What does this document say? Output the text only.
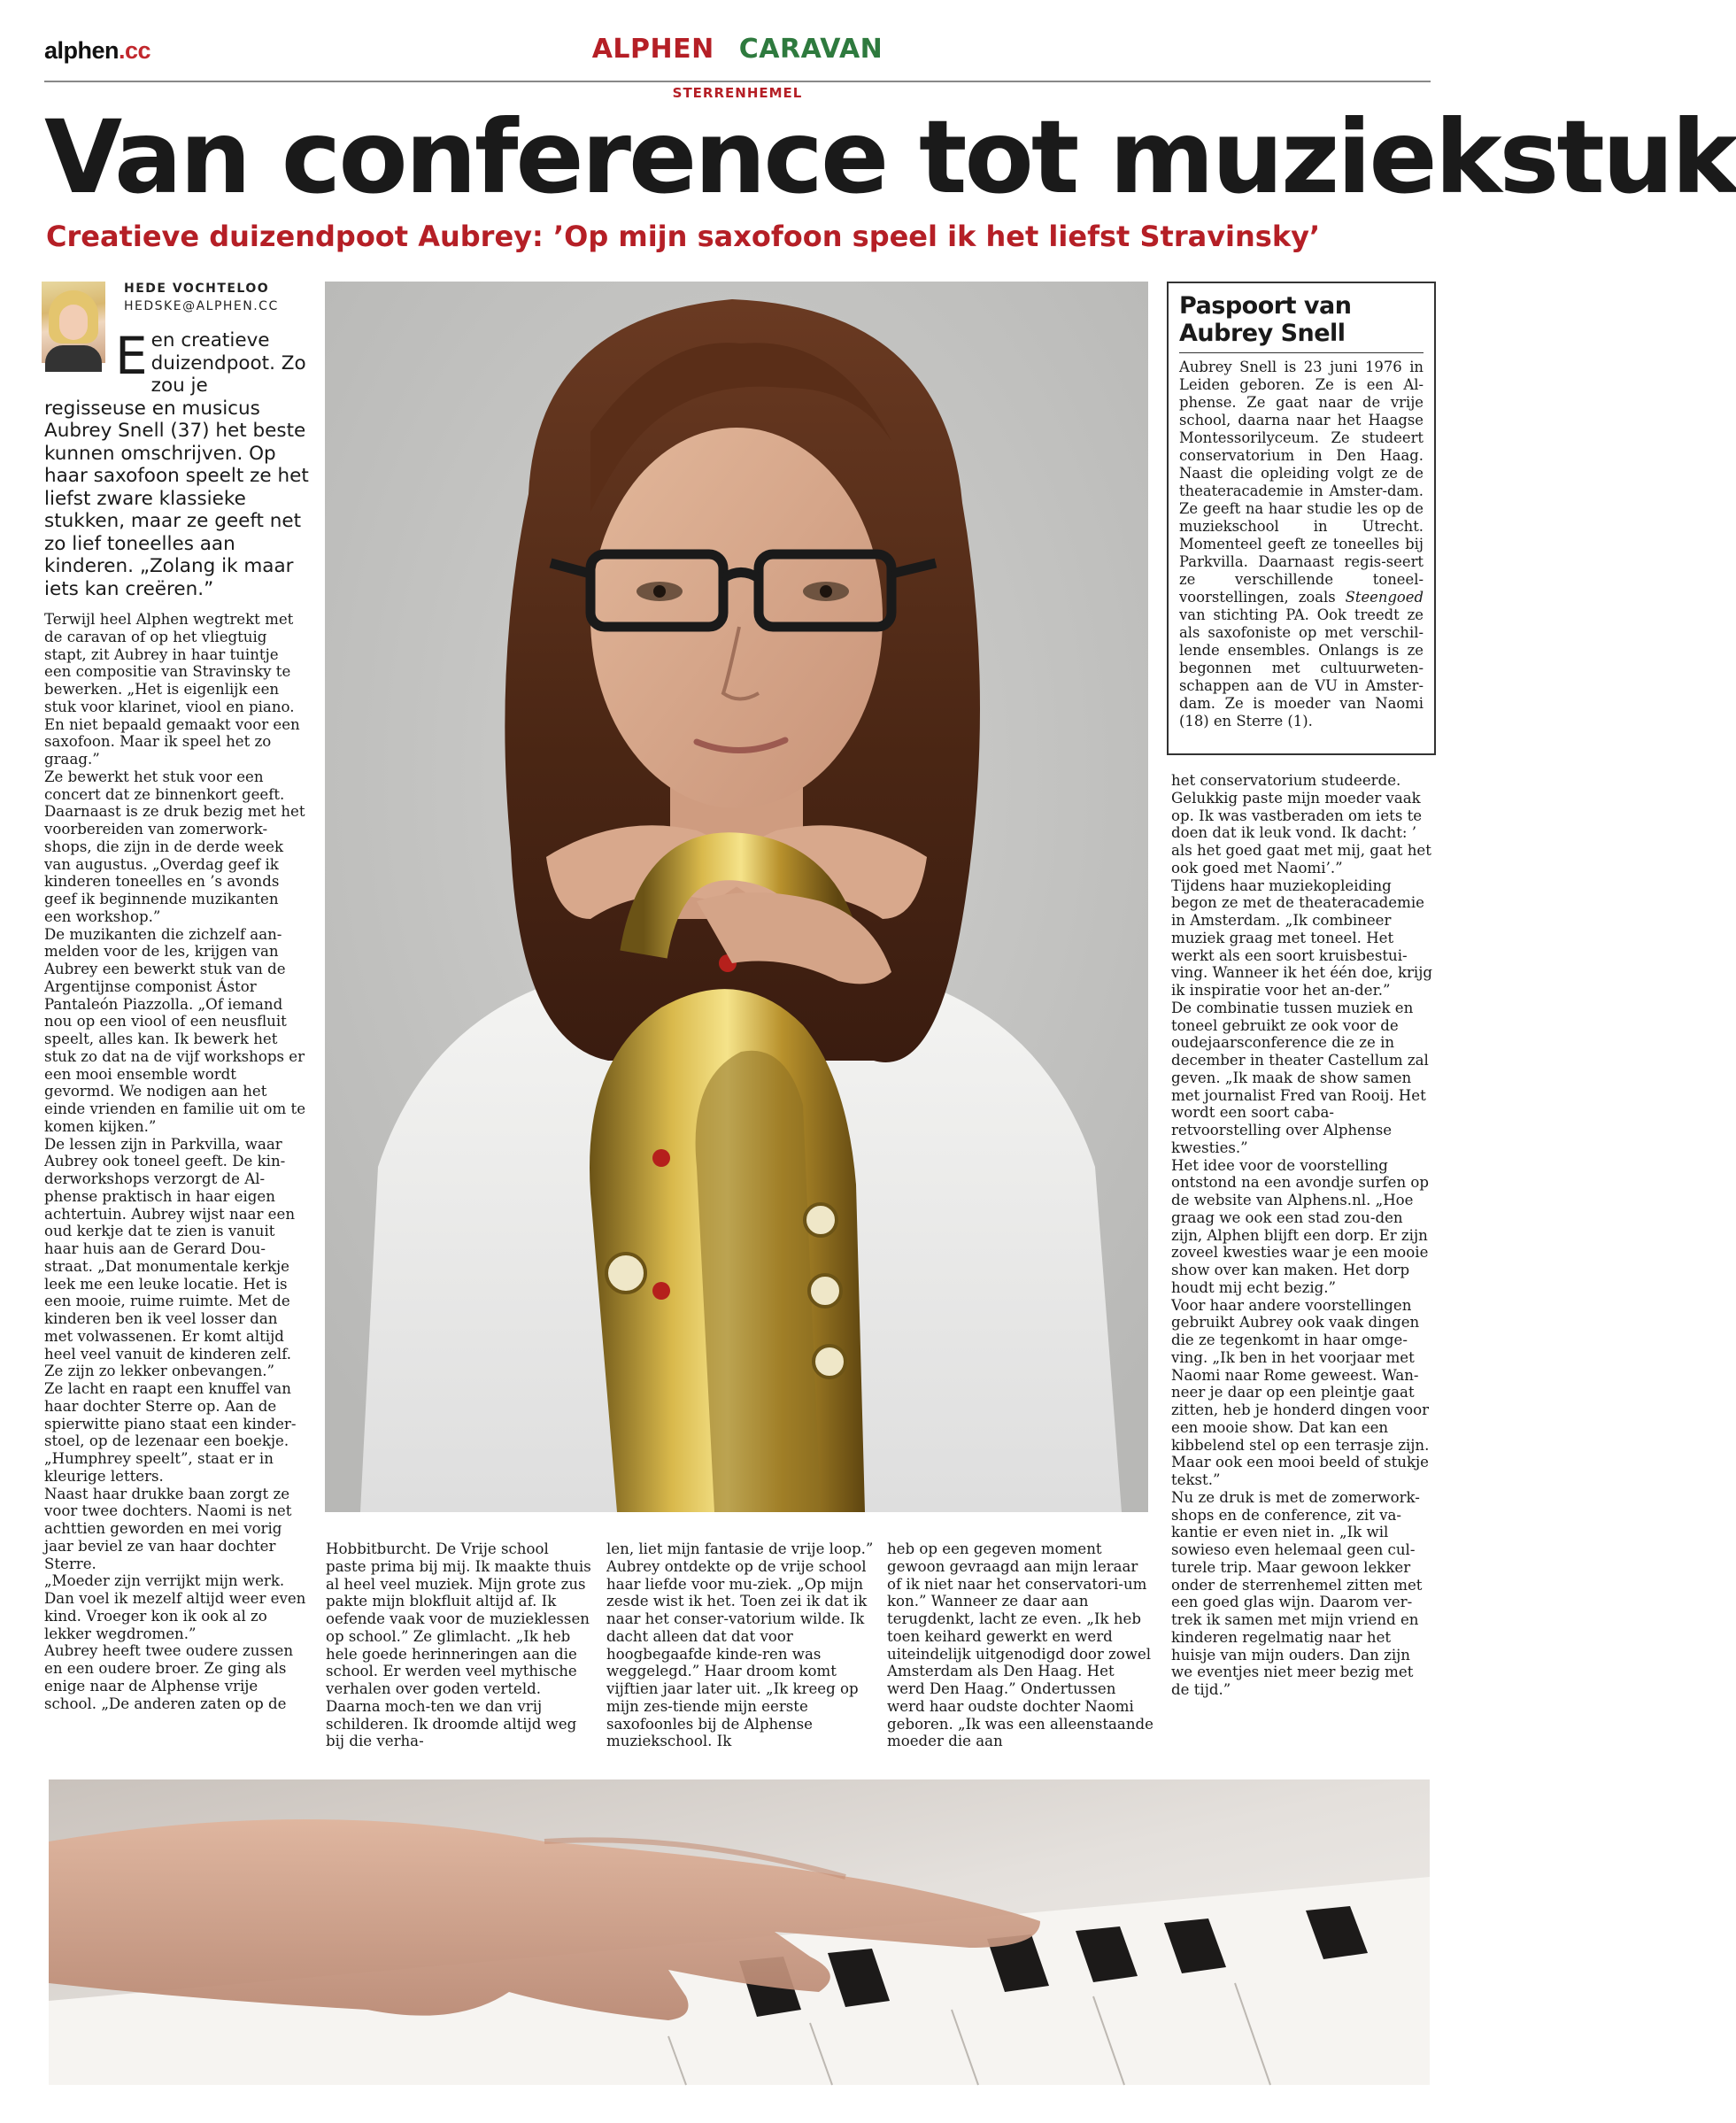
alphen.cc	ALPHEN CARAVAN
STERRENHEMEL
Van conference tot muziekstuk
Creatieve duizendpoot Aubrey: ’Op mijn saxofoon speel ik het liefst Stravinsky’
HEDE VOCHTELOO
HEDSKE@ALPHEN.CC
Een creatieve duizendpoot. Zo zou je regisseuse en musicus Aubrey Snell (37) het beste kunnen omschrijven. Op haar saxofoon speelt ze het liefst zware klassieke stukken, maar ze geeft net zo lief toneelles aan kinderen. „Zolang ik maar iets kan creëren.”

Terwijl heel Alphen wegtrekt met de caravan of op het vliegtuig stapt, zit Aubrey in haar tuintje een compositie van Stravinsky te bewerken. „Het is eigenlijk een stuk voor klarinet, viool en piano. En niet bepaald gemaakt voor een saxofoon. Maar ik speel het zo graag.”

Ze bewerkt het stuk voor een concert dat ze binnenkort geeft. Daarnaast is ze druk bezig met het voorbereiden van zomerwork-shops, die zijn in de derde week van augustus. „Overdag geef ik kinderen toneelles en ’s avonds geef ik beginnende muzikanten een workshop.”

De muzikanten die zichzelf aan-melden voor de les, krijgen van Aubrey een bewerkt stuk van de Argentijnse componist Ástor Pantaleón Piazzolla. „Of iemand nou op een viool of een neusfluit speelt, alles kan. Ik bewerk het stuk zo dat na de vijf workshops er een mooi ensemble wordt gevormd. We nodigen aan het einde vrienden en familie uit om te komen kijken.”

De lessen zijn in Parkvilla, waar Aubrey ook toneel geeft. De kin-derworkshops verzorgt de Al-phense praktisch in haar eigen achtertuin. Aubrey wijst naar een oud kerkje dat te zien is vanuit haar huis aan de Gerard Dou-straat. „Dat monumentale kerkje leek me een leuke locatie. Het is een mooie, ruime ruimte. Met de kinderen ben ik veel losser dan met volwassenen. Er komt altijd heel veel vanuit de kinderen zelf. Ze zijn zo lekker onbevangen.”

Ze lacht en raapt een knuffel van haar dochter Sterre op. Aan de spierwitte piano staat een kinder-stoel, op de lezenaar een boekje. „Humphrey speelt”, staat er in kleurige letters.

Naast haar drukke baan zorgt ze voor twee dochters. Naomi is net achttien geworden en mei vorig jaar beviel ze van haar dochter Sterre.

„Moeder zijn verrijkt mijn werk. Dan voel ik mezelf altijd weer even kind. Vroeger kon ik ook al zo lekker wegdromen.”

Aubrey heeft twee oudere zussen en een oudere broer. Ze ging als enige naar de Alphense vrije school. „De anderen zaten op de

Paspoort van Aubrey Snell
Aubrey Snell is 23 juni 1976 in Leiden geboren. Ze is een Al-phense. Ze gaat naar de vrije school, daarna naar het Haagse Montessorilyceum. Ze studeert conservatorium in Den Haag. Naast die opleiding volgt ze de theateracademie in Amster-dam. Ze geeft na haar studie les op de muziekschool in Utrecht. Momenteel geeft ze toneelles bij Parkvilla. Daarnaast regis-seert ze verschillende toneel-voorstellingen, zoals Steengoed van stichting PA. Ook treedt ze als saxofoniste op met verschil-lende ensembles. Onlangs is ze begonnen met cultuurweten-schappen aan de VU in Amster-dam. Ze is moeder van Naomi (18) en Sterre (1).

het conservatorium studeerde. Gelukkig paste mijn moeder vaak op. Ik was vastberaden om iets te doen dat ik leuk vond. Ik dacht: ’ als het goed gaat met mij, gaat het ook goed met Naomi’.”

Tijdens haar muziekopleiding begon ze met de theateracademie in Amsterdam. „Ik combineer muziek graag met toneel. Het werkt als een soort kruisbestui-ving. Wanneer ik het één doe, krijg ik inspiratie voor het an-der.”

De combinatie tussen muziek en toneel gebruikt ze ook voor de oudejaarsconference die ze in december in theater Castellum zal geven. „Ik maak de show samen met journalist Fred van Rooij. Het wordt een soort caba-retvoorstelling over Alphense kwesties.”

Het idee voor de voorstelling ontstond na een avondje surfen op de website van Alphens.nl. „Hoe graag we ook een stad zou-den zijn, Alphen blijft een dorp. Er zijn zoveel kwesties waar je een mooie show over kan maken. Het dorp houdt mij echt bezig.”

Voor haar andere voorstellingen gebruikt Aubrey ook vaak dingen die ze tegenkomt in haar omge-ving. „Ik ben in het voorjaar met Naomi naar Rome geweest. Wan-neer je daar op een pleintje gaat zitten, heb je honderd dingen voor een mooie show. Dat kan een kibbelend stel op een terrasje zijn. Maar ook een mooi beeld of stukje tekst.”

Nu ze druk is met de zomerwork-shops en de conference, zit va-kantie er even niet in. „Ik wil sowieso even helemaal geen cul-turele trip. Maar gewoon lekker onder de sterrenhemel zitten met een goed glas wijn. Daarom ver-trek ik samen met mijn vriend en kinderen regelmatig naar het huisje van mijn ouders. Dan zijn we eventjes niet meer bezig met de tijd.”

Hobbitburcht. De Vrije school paste prima bij mij. Ik maakte thuis al heel veel muziek. Mijn grote zus pakte mijn blokfluit altijd af. Ik oefende vaak voor de muzieklessen op school.” Ze glimlacht. „Ik heb hele goede herinneringen aan die school. Er werden veel mythische verhalen over goden verteld. Daarna moch-ten we dan vrij schilderen. Ik droomde altijd weg bij die verha-

len, liet mijn fantasie de vrije loop.” Aubrey ontdekte op de vrije school haar liefde voor mu-ziek. „Op mijn zesde wist ik het. Toen zei ik dat ik naar het conser-vatorium wilde. Ik dacht alleen dat dat voor hoogbegaafde kinde-ren was weggelegd.” Haar droom komt vijftien jaar later uit. „Ik kreeg op mijn zes-tiende mijn eerste saxofoonles bij de Alphense muziekschool. Ik

heb op een gegeven moment gewoon gevraagd aan mijn leraar of ik niet naar het conservatori-um kon.” Wanneer ze daar aan terugdenkt, lacht ze even. „Ik heb toen keihard gewerkt en werd uiteindelijk uitgenodigd door zowel Amsterdam als Den Haag. Het werd Den Haag.” Ondertussen werd haar oudste dochter Naomi geboren. „Ik was een alleenstaande moeder die aan
